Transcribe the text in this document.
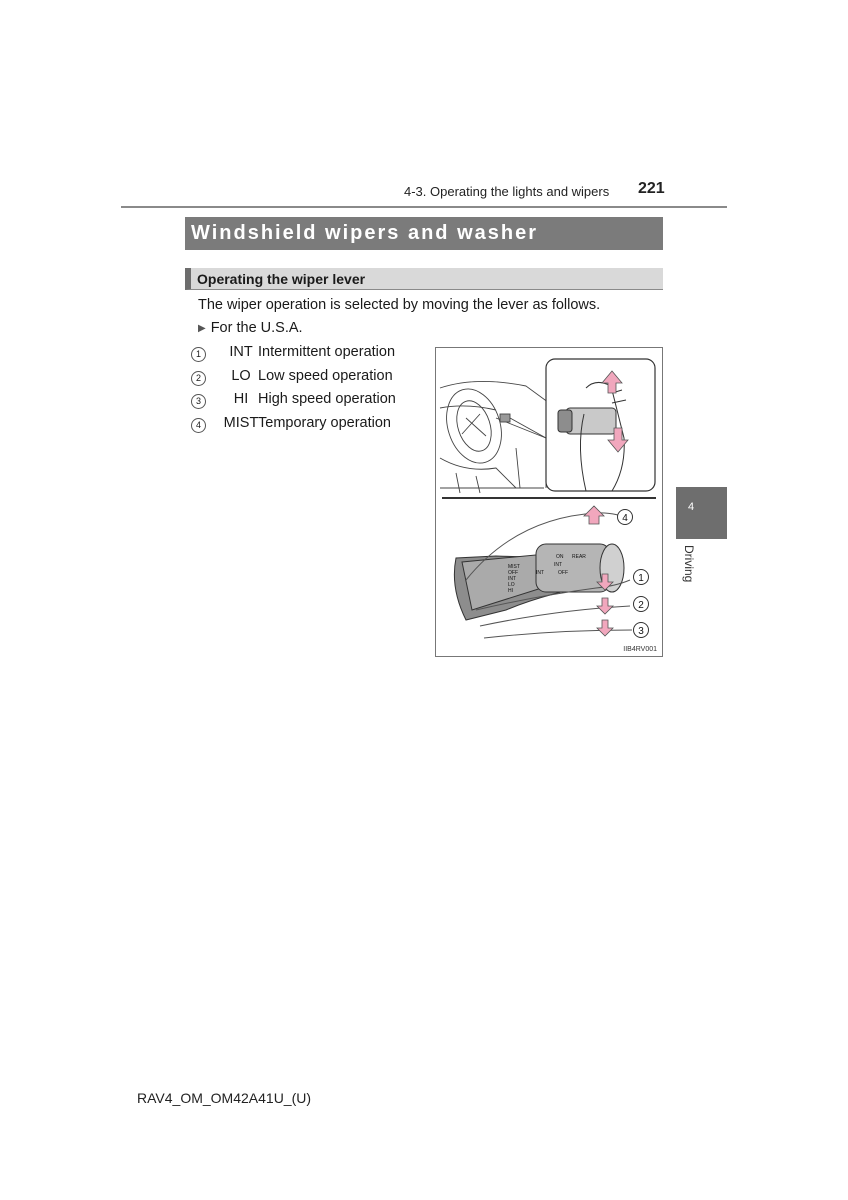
4-3. Operating the lights and wipers 221
Windshield wipers and washer
Operating the wiper lever
The wiper operation is selected by moving the lever as follows.
▶ For the U.S.A.
1	INT Intermittent operation
2	LO Low speed operation
3	HI High speed operation
4	MIST Temporary operation
MIST
OFF
INT
LO
HI
ON
INT
OFF
REAR
INT
4
1
2
3
IIB4RV001
4
Driving
RAV4_OM_OM42A41U_(U)
